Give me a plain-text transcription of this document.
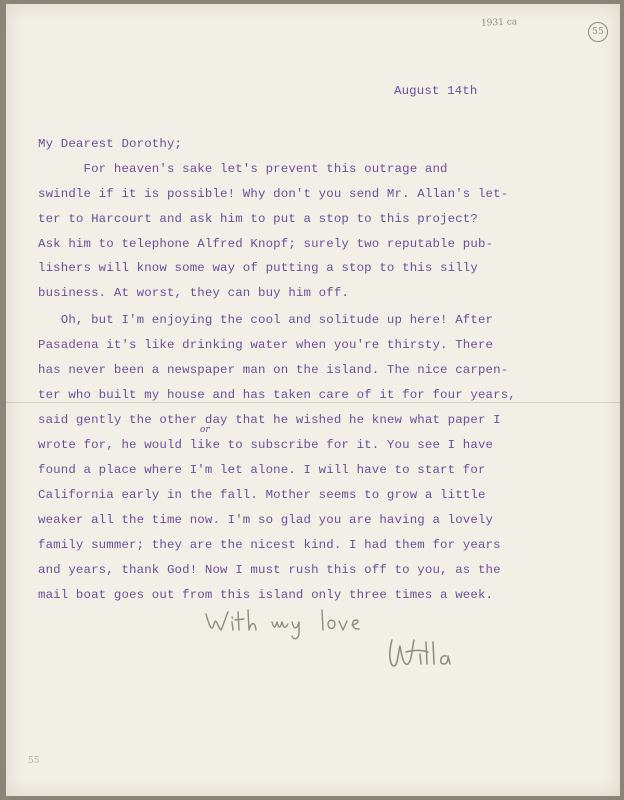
1931 ca
55
August 14th
My Dearest Dorothy;
For heaven's sake let's prevent this outrage and
swindle if it is possible! Why don't you send Mr. Allan's let-
ter to Harcourt and ask him to put a stop to this project?
Ask him to telephone Alfred Knopf; surely two reputable pub-
lishers will know some way of putting a stop to this silly
business. At worst, they can buy him off.
Oh, but I'm enjoying the cool and solitude up here! After
Pasadena it's like drinking water when you're thirsty. There
has never been a newspaper man on the island. The nice carpen-
ter who built my house and has taken care of it for four years,
said gently the other day that he wished he knew what paper I
wrote for, he would like to subscribe for it. You see I have
found a place where I'm let alone. I will have to start for
California early in the fall. Mother seems to grow a little
weaker all the time now. I'm so glad you are having a lovely
family summer; they are the nicest kind. I had them for years
and years, thank God! Now I must rush this off to you, as the
mail boat goes out from this island only three times a week.
or
55
